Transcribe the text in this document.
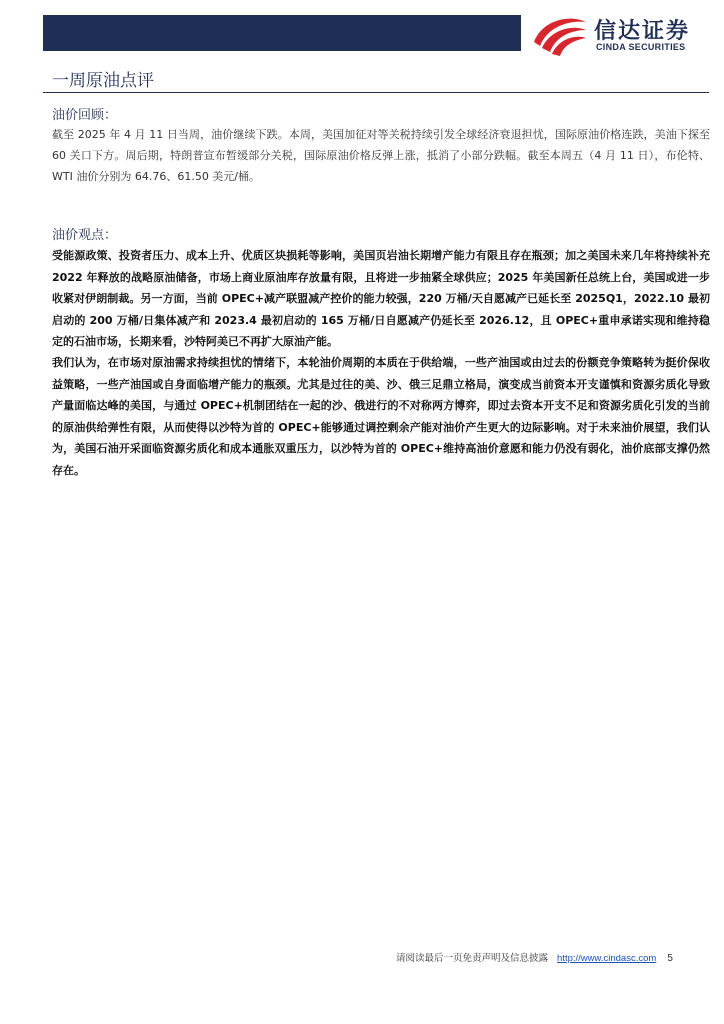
信达证券
CINDA SECURITIES
一周原油点评
油价回顾：

截至 2025 年 4 月 11 日当周，油价继续下跌。本周，美国加征对等关税持续引发全球经济衰退担忧，国际原油价格连跌，美油下探至 60 关口下方。周后期，特朗普宣布暂缓部分关税，国际原油价格反弹上涨，抵消了小部分跌幅。截至本周五（4 月 11 日），布伦特、WTI 油价分别为 64.76、61.50 美元/桶。

油价观点：

受能源政策、投资者压力、成本上升、优质区块损耗等影响，美国页岩油长期增产能力有限且存在瓶颈；加之美国未来几年将持续补充 2022 年释放的战略原油储备，市场上商业原油库存放量有限，且将进一步抽紧全球供应；2025 年美国新任总统上台，美国或进一步收紧对伊朗制裁。另一方面，当前 OPEC+减产联盟减产控价的能力较强，220 万桶/天自愿减产已延长至 2025Q1，2022.10 最初启动的 200 万桶/日集体减产和 2023.4 最初启动的 165 万桶/日自愿减产仍延长至 2026.12，且 OPEC+重申承诺实现和维持稳定的石油市场，长期来看，沙特阿美已不再扩大原油产能。

我们认为，在市场对原油需求持续担忧的情绪下，本轮油价周期的本质在于供给端，一些产油国或由过去的份额竞争策略转为挺价保收益策略，一些产油国或自身面临增产能力的瓶颈。尤其是过往的美、沙、俄三足鼎立格局，演变成当前资本开支谨慎和资源劣质化导致产量面临达峰的美国，与通过 OPEC+机制团结在一起的沙、俄进行的不对称两方博弈，即过去资本开支不足和资源劣质化引发的当前的原油供给弹性有限，从而使得以沙特为首的 OPEC+能够通过调控剩余产能对油价产生更大的边际影响。对于未来油价展望，我们认为，美国石油开采面临资源劣质化和成本通胀双重压力，以沙特为首的 OPEC+维持高油价意愿和能力仍没有弱化，油价底部支撑仍然存在。

请阅读最后一页免责声明及信息披露 http://www.cindasc.com 5
